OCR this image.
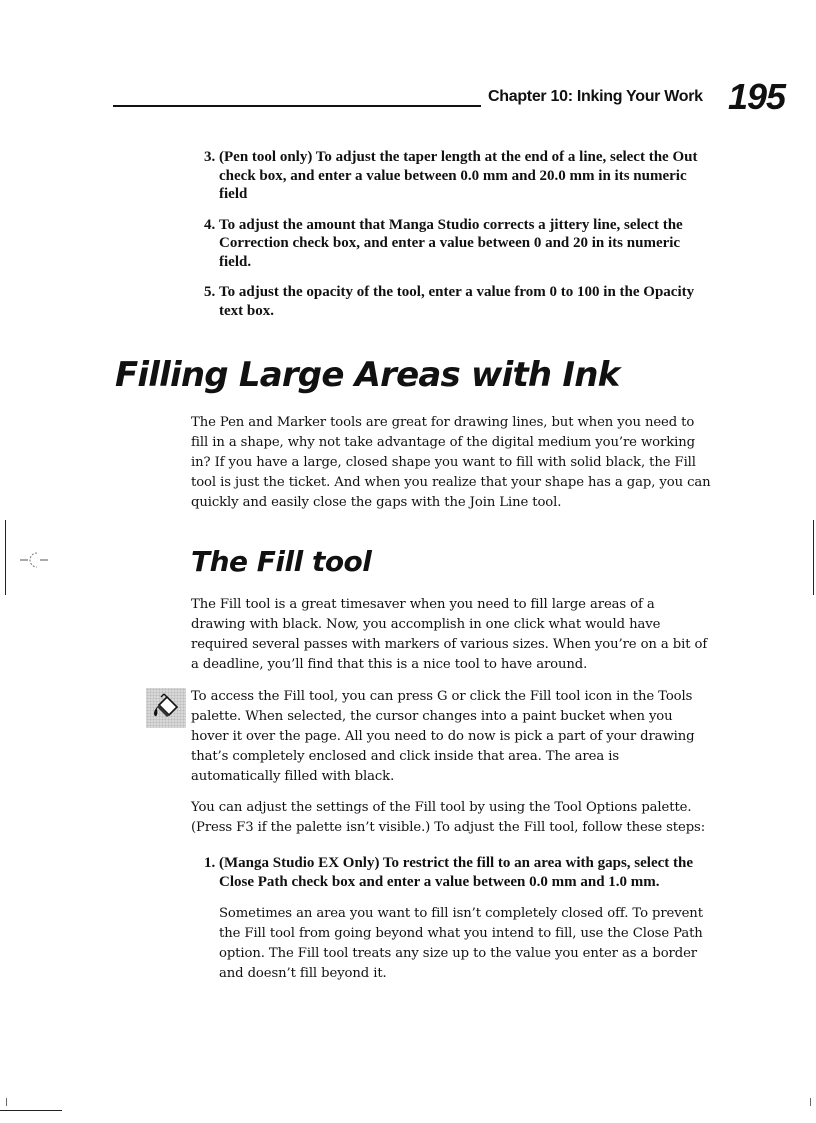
Chapter 10: Inking Your Work 195
3. (Pen tool only) To adjust the taper length at the end of a line, select the Out check box, and enter a value between 0.0 mm and 20.0 mm in its numeric field
4. To adjust the amount that Manga Studio corrects a jittery line, select the Correction check box, and enter a value between 0 and 20 in its numeric field.
5. To adjust the opacity of the tool, enter a value from 0 to 100 in the Opacity text box.
Filling Large Areas with Ink

The Pen and Marker tools are great for drawing lines, but when you need to fill in a shape, why not take advantage of the digital medium you’re working in? If you have a large, closed shape you want to fill with solid black, the Fill tool is just the ticket. And when you realize that your shape has a gap, you can quickly and easily close the gaps with the Join Line tool.

The Fill tool

The Fill tool is a great timesaver when you need to fill large areas of a drawing with black. Now, you accomplish in one click what would have required several passes with markers of various sizes. When you’re on a bit of a deadline, you’ll find that this is a nice tool to have around.

To access the Fill tool, you can press G or click the Fill tool icon in the Tools palette. When selected, the cursor changes into a paint bucket when you hover it over the page. All you need to do now is pick a part of your drawing that’s completely enclosed and click inside that area. The area is automatically filled with black.

You can adjust the settings of the Fill tool by using the Tool Options palette. (Press F3 if the palette isn’t visible.) To adjust the Fill tool, follow these steps:

1. (Manga Studio EX Only) To restrict the fill to an area with gaps, select the Close Path check box and enter a value between 0.0 mm and 1.0 mm.

Sometimes an area you want to fill isn’t completely closed off. To prevent the Fill tool from going beyond what you intend to fill, use the Close Path option. The Fill tool treats any size up to the value you enter as a border and doesn’t fill beyond it.
